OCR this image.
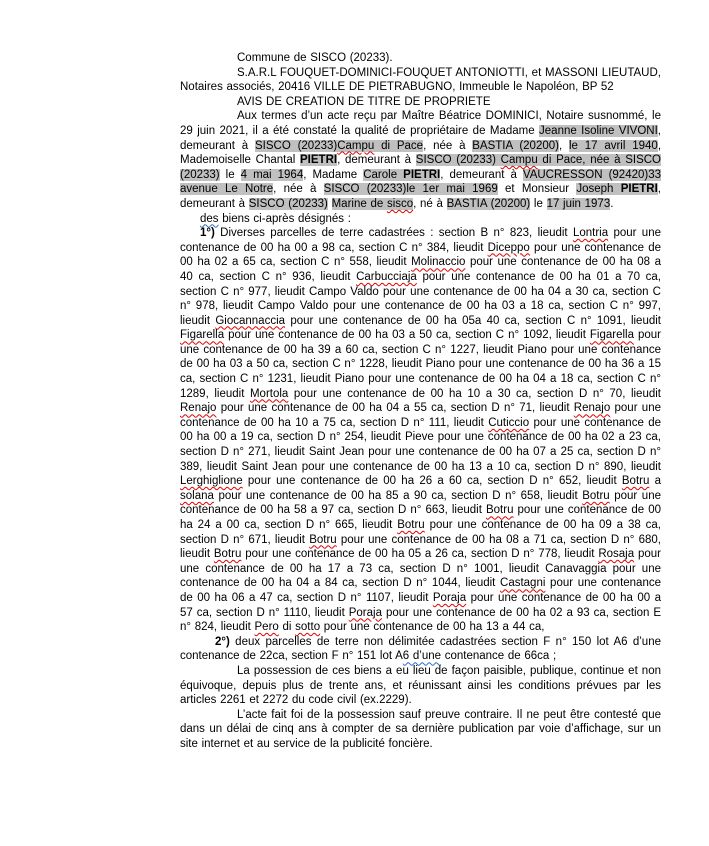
Commune de SISCO (20233).

S.A.R.L FOUQUET-DOMINICI-FOUQUET ANTONIOTTI, et MASSONI LIEUTAUD, Notaires associés, 20416 VILLE DE PIETRABUGNO, Immeuble le Napoléon, BP 52

AVIS DE CREATION DE TITRE DE PROPRIETE

Aux termes d’un acte reçu par Maître Béatrice DOMINICI, Notaire susnommé, le 29 juin 2021, il a été constaté la qualité de propriétaire de Madame Jeanne Isoline VIVONI, demeurant à SISCO (20233)Campu di Pace, née à BASTIA (20200), le 17 avril 1940, Mademoiselle Chantal PIETRI, demeurant à SISCO (20233) Campu di Pace, née à SISCO (20233) le 4 mai 1964, Madame Carole PIETRI, demeurant à VAUCRESSON (92420)33 avenue Le Notre, née à SISCO (20233)le 1er mai 1969 et Monsieur Joseph PIETRI, demeurant à SISCO (20233) Marine de sisco, né à BASTIA (20200) le 17 juin 1973.

des biens ci-après désignés :

1°) Diverses parcelles de terre cadastrées : section B n° 823, lieudit Lontria pour une contenance de 00 ha 00 a 98 ca, section C n° 384, lieudit Diceppo pour une contenance de 00 ha 02 a 65 ca, section C n° 558, lieudit Molinaccio pour une contenance de 00 ha 08 a 40 ca, section C n° 936, lieudit Carbucciaja pour une contenance de 00 ha 01 a 70 ca, section C n° 977, lieudit Campo Valdo pour une contenance de 00 ha 04 a 30 ca, section C n° 978, lieudit Campo Valdo pour une contenance de 00 ha 03 a 18 ca, section C n° 997, lieudit Giocannaccia pour une contenance de 00 ha 05a 40 ca, section C n° 1091, lieudit Figarella pour une contenance de 00 ha 03 a 50 ca, section C n° 1092, lieudit Figarella pour une contenance de 00 ha 39 a 60 ca, section C n° 1227, lieudit Piano pour une contenance de 00 ha 03 a 50 ca, section C n° 1228, lieudit Piano pour une contenance de 00 ha 36 a 15 ca, section C n° 1231, lieudit Piano pour une contenance de 00 ha 04 a 18 ca, section C n° 1289, lieudit Mortola pour une contenance de 00 ha 10 a 30 ca, section D n° 70, lieudit Renajo pour une contenance de 00 ha 04 a 55 ca, section D n° 71, lieudit Renajo pour une contenance de 00 ha 10 a 75 ca, section D n° 111, lieudit Cuticcio pour une contenance de 00 ha 00 a 19 ca, section D n° 254, lieudit Pieve pour une contenance de 00 ha 02 a 23 ca, section D n° 271, lieudit Saint Jean pour une contenance de 00 ha 07 a 25 ca, section D n° 389, lieudit Saint Jean pour une contenance de 00 ha 13 a 10 ca, section D n° 890, lieudit Lerghiglione pour une contenance de 00 ha 26 a 60 ca, section D n° 652, lieudit Botru a solana pour une contenance de 00 ha 85 a 90 ca, section D n° 658, lieudit Botru pour une contenance de 00 ha 58 a 97 ca, section D n° 663, lieudit Botru pour une contenance de 00 ha 24 a 00 ca, section D n° 665, lieudit Botru pour une contenance de 00 ha 09 a 38 ca, section D n° 671, lieudit Botru pour une contenance de 00 ha 08 a 71 ca, section D n° 680, lieudit Botru pour une contenance de 00 ha 05 a 26 ca, section D n° 778, lieudit Rosaja pour une contenance de 00 ha 17 a 73 ca, section D n° 1001, lieudit Canavaggia pour une contenance de 00 ha 04 a 84 ca, section D n° 1044, lieudit Castagni pour une contenance de 00 ha 06 a 47 ca, section D n° 1107, lieudit Poraja pour une contenance de 00 ha 00 a 57 ca, section D n° 1110, lieudit Poraja pour une contenance de 00 ha 02 a 93 ca, section E n° 824, lieudit Pero di sotto pour une contenance de 00 ha 13 a 44 ca,

2°) deux parcelles de terre non délimitée cadastrées section F n° 150 lot A6 d’une contenance de 22ca, section F n° 151 lot A6 d’une contenance de 66ca ;

La possession de ces biens a eu lieu de façon paisible, publique, continue et non équivoque, depuis plus de trente ans, et réunissant ainsi les conditions prévues par les articles 2261 et 2272 du code civil (ex.2229).

L’acte fait foi de la possession sauf preuve contraire. Il ne peut être contesté que dans un délai de cinq ans à compter de sa dernière publication par voie d’affichage, sur un site internet et au service de la publicité foncière.
